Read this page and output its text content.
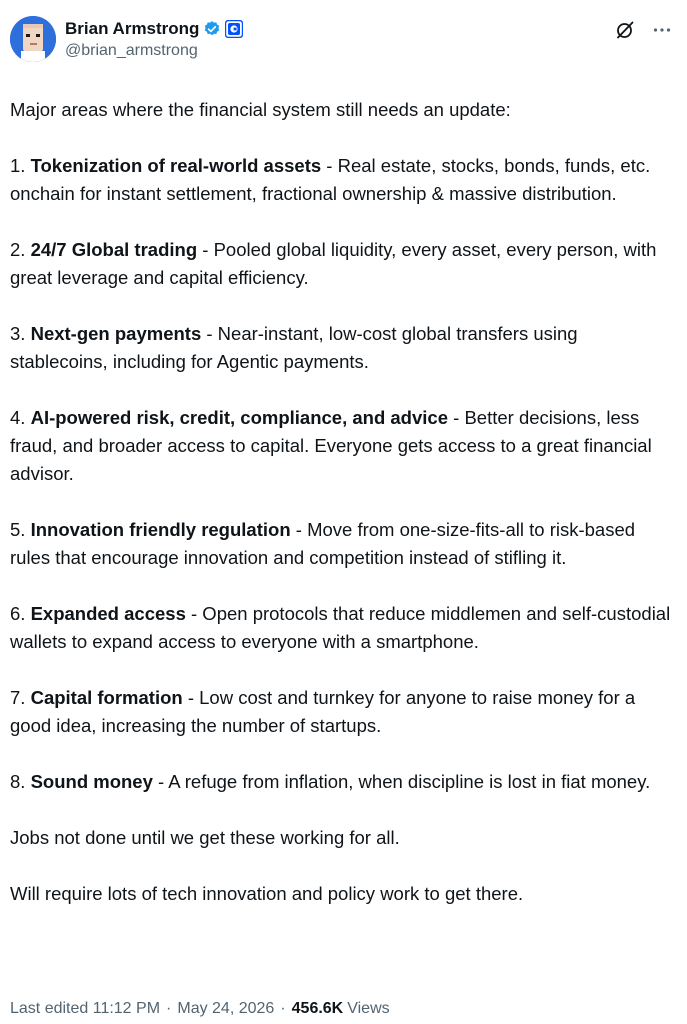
Brian Armstrong
@brian_armstrong

Major areas where the financial system still needs an update:

1. Tokenization of real-world assets - Real estate, stocks, bonds, funds, etc. onchain for instant settlement, fractional ownership & massive distribution.

2. 24/7 Global trading - Pooled global liquidity, every asset, every person, with great leverage and capital efficiency.

3. Next-gen payments - Near-instant, low-cost global transfers using stablecoins, including for Agentic payments.

4. AI-powered risk, credit, compliance, and advice - Better decisions, less fraud, and broader access to capital. Everyone gets access to a great financial advisor.

5. Innovation friendly regulation - Move from one-size-fits-all to risk-based rules that encourage innovation and competition instead of stifling it.

6. Expanded access - Open protocols that reduce middlemen and self-custodial wallets to expand access to everyone with a smartphone.

7. Capital formation - Low cost and turnkey for anyone to raise money for a good idea, increasing the number of startups.

8. Sound money - A refuge from inflation, when discipline is lost in fiat money.

Jobs not done until we get these working for all.

Will require lots of tech innovation and policy work to get there.

Last edited 11:12 PM · May 24, 2026 · 456.6K Views
